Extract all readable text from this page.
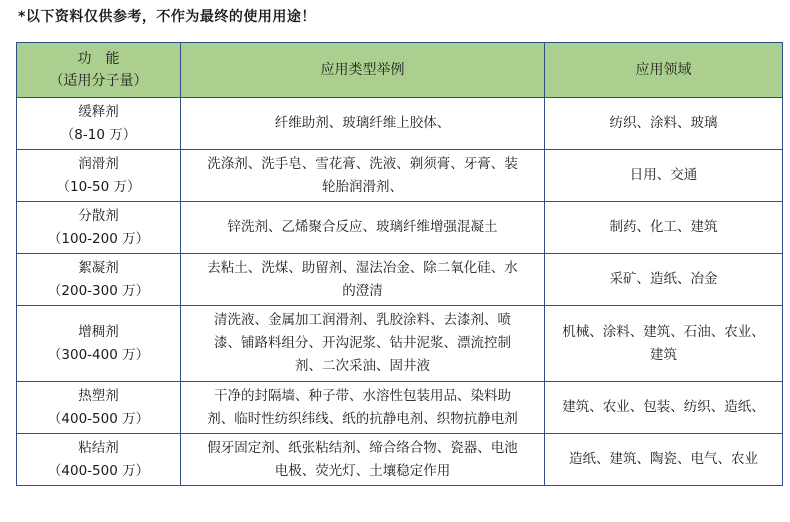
*以下资料仅供参考，不作为最终的使用用途！
功　能
（适用分子量）	应用类型举例	应用领域

缓释剂
（8-10 万）	纤维助剂、玻璃纤维上胶体、	纺织、涂料、玻璃

润滑剂
（10-50 万）	洗涤剂、洗手皂、雪花膏、洗液、剃须膏、牙膏、装
轮胎润滑剂、	日用、交通

分散剂
（100-200 万）	锌洗剂、乙烯聚合反应、玻璃纤维增强混凝土	制药、化工、建筑

絮凝剂
（200-300 万）	去粘土、洗煤、助留剂、湿法冶金、除二氧化硅、水
的澄清	采矿、造纸、冶金

增稠剂
（300-400 万）	清洗液、金属加工润滑剂、乳胶涂料、去漆剂、喷
漆、铺路料组分、开沟泥浆、钻井泥浆、漂流控制
剂、二次采油、固井液	机械、涂料、建筑、石油、农业、
建筑

热塑剂
（400-500 万）	干净的封隔墙、种子带、水溶性包装用品、染料助
剂、临时性纺织纬线、纸的抗静电剂、织物抗静电剂	建筑、农业、包装、纺织、造纸、

粘结剂
（400-500 万）	假牙固定剂、纸张粘结剂、缔合络合物、瓷器、电池
电极、荧光灯、土壤稳定作用	造纸、建筑、陶瓷、电气、农业
